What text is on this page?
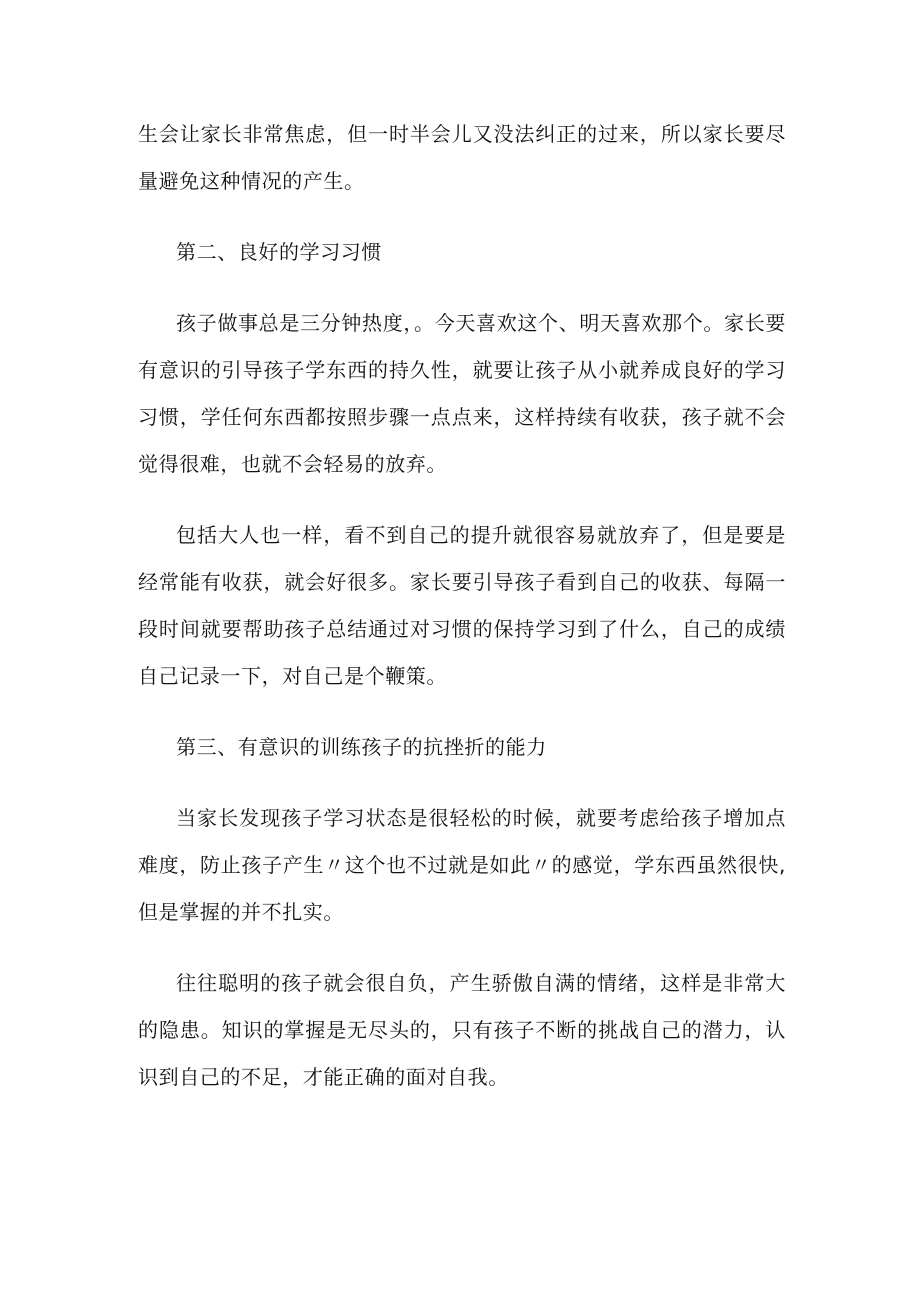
生会让家长非常焦虑，但一时半会儿又没法纠正的过来，所以家长要尽量避免这种情况的产生。

第二、良好的学习习惯

孩子做事总是三分钟热度，。今天喜欢这个、明天喜欢那个。家长要有意识的引导孩子学东西的持久性，就要让孩子从小就养成良好的学习习惯，学任何东西都按照步骤一点点来，这样持续有收获，孩子就不会觉得很难，也就不会轻易的放弃。

包括大人也一样，看不到自己的提升就很容易就放弃了，但是要是经常能有收获，就会好很多。家长要引导孩子看到自己的收获、每隔一段时间就要帮助孩子总结通过对习惯的保持学习到了什么，自己的成绩自己记录一下，对自己是个鞭策。

第三、有意识的训练孩子的抗挫折的能力

当家长发现孩子学习状态是很轻松的时候，就要考虑给孩子增加点难度，防止孩子产生〃这个也不过就是如此〃的感觉，学东西虽然很快,但是掌握的并不扎实。

往往聪明的孩子就会很自负，产生骄傲自满的情绪，这样是非常大的隐患。知识的掌握是无尽头的，只有孩子不断的挑战自己的潜力，认识到自己的不足，才能正确的面对自我。
